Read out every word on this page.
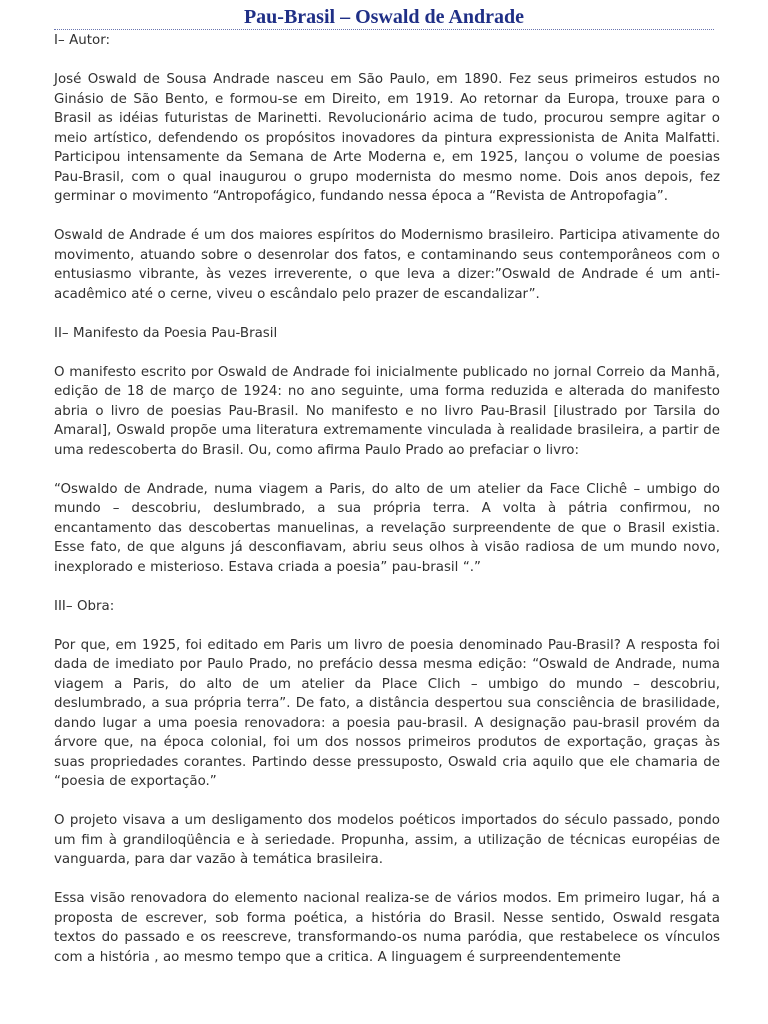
Pau-Brasil – Oswald de Andrade

I– Autor:

José Oswald de Sousa Andrade nasceu em São Paulo, em 1890. Fez seus primeiros estudos no Ginásio de São Bento, e formou-se em Direito, em 1919. Ao retornar da Europa, trouxe para o Brasil as idéias futuristas de Marinetti. Revolucionário acima de tudo, procurou sempre agitar o meio artístico, defendendo os propósitos inovadores da pintura expressionista de Anita Malfatti. Participou intensamente da Semana de Arte Moderna e, em 1925, lançou o volume de poesias Pau-Brasil, com o qual inaugurou o grupo modernista do mesmo nome. Dois anos depois, fez germinar o movimento “Antropofágico, fundando nessa época a “Revista de Antropofagia”.

Oswald de Andrade é um dos maiores espíritos do Modernismo brasileiro. Participa ativamente do movimento, atuando sobre o desenrolar dos fatos, e contaminando seus contemporâneos com o entusiasmo vibrante, às vezes irreverente, o que leva a dizer:”Oswald de Andrade é um anti-acadêmico até o cerne, viveu o escândalo pelo prazer de escandalizar”.

II– Manifesto da Poesia Pau-Brasil

O manifesto escrito por Oswald de Andrade foi inicialmente publicado no jornal Correio da Manhã, edição de 18 de março de 1924: no ano seguinte, uma forma reduzida e alterada do manifesto abria o livro de poesias Pau-Brasil. No manifesto e no livro Pau-Brasil [ilustrado por Tarsila do Amaral], Oswald propõe uma literatura extremamente vinculada à realidade brasileira, a partir de uma redescoberta do Brasil. Ou, como afirma Paulo Prado ao prefaciar o livro:

“Oswaldo de Andrade, numa viagem a Paris, do alto de um atelier da Face Clichê – umbigo do mundo – descobriu, deslumbrado, a sua própria terra. A volta à pátria confirmou, no encantamento das descobertas manuelinas, a revelação surpreendente de que o Brasil existia. Esse fato, de que alguns já desconfiavam, abriu seus olhos à visão radiosa de um mundo novo, inexplorado e misterioso. Estava criada a poesia” pau-brasil “.”

III– Obra:

Por que, em 1925, foi editado em Paris um livro de poesia denominado Pau-Brasil? A resposta foi dada de imediato por Paulo Prado, no prefácio dessa mesma edição: “Oswald de Andrade, numa viagem a Paris, do alto de um atelier da Place Clich – umbigo do mundo – descobriu, deslumbrado, a sua própria terra”. De fato, a distância despertou sua consciência de brasilidade, dando lugar a uma poesia renovadora: a poesia pau-brasil. A designação pau-brasil provém da árvore que, na época colonial, foi um dos nossos primeiros produtos de exportação, graças às suas propriedades corantes. Partindo desse pressuposto, Oswald cria aquilo que ele chamaria de “poesia de exportação.”

O projeto visava a um desligamento dos modelos poéticos importados do século passado, pondo um fim à grandiloqüência e à seriedade. Propunha, assim, a utilização de técnicas européias de vanguarda, para dar vazão à temática brasileira.

Essa visão renovadora do elemento nacional realiza-se de vários modos. Em primeiro lugar, há a proposta de escrever, sob forma poética, a história do Brasil. Nesse sentido, Oswald resgata textos do passado e os reescreve, transformando-os numa paródia, que restabelece os vínculos com a história , ao mesmo tempo que a critica. A linguagem é surpreendentemente
